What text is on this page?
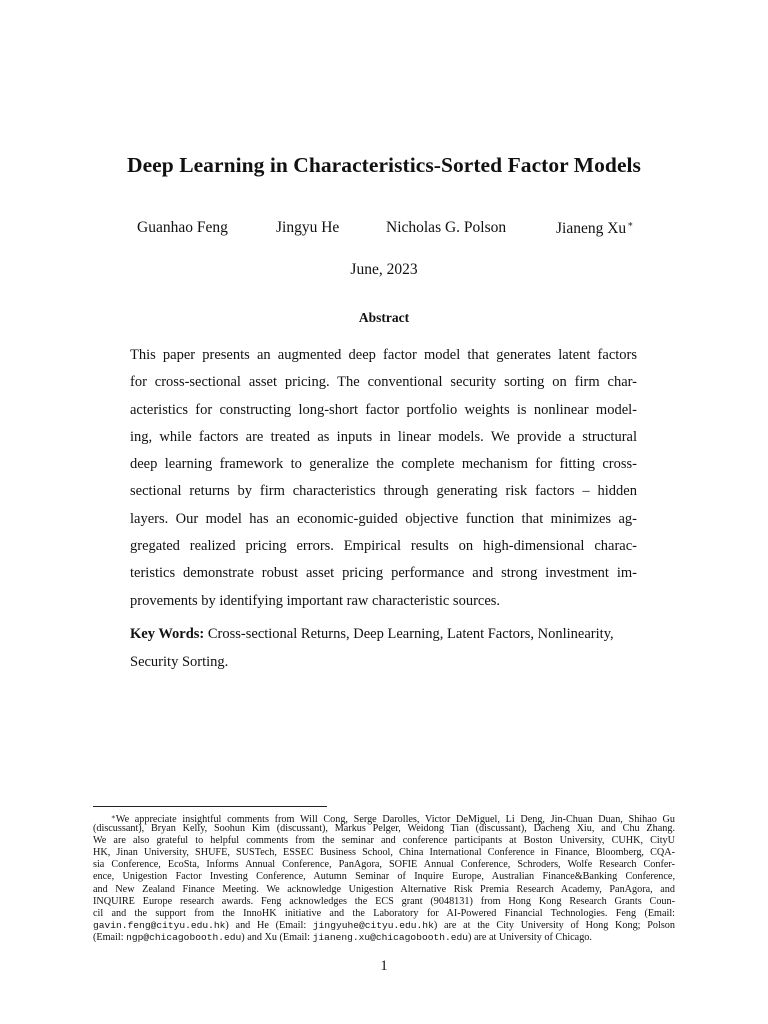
Deep Learning in Characteristics-Sorted Factor Models
Guanhao Feng	Jingyu He	Nicholas G. Polson	Jianeng Xu∗
June, 2023
Abstract
This paper presents an augmented deep factor model that generates latent factors
for cross-sectional asset pricing. The conventional security sorting on firm char-
acteristics for constructing long-short factor portfolio weights is nonlinear model-
ing, while factors are treated as inputs in linear models. We provide a structural
deep learning framework to generalize the complete mechanism for fitting cross-
sectional returns by firm characteristics through generating risk factors – hidden
layers. Our model has an economic-guided objective function that minimizes ag-
gregated realized pricing errors. Empirical results on high-dimensional charac-
teristics demonstrate robust asset pricing performance and strong investment im-
provements by identifying important raw characteristic sources.
Key Words: Cross-sectional Returns, Deep Learning, Latent Factors, Nonlinearity,
Security Sorting.
∗We appreciate insightful comments from Will Cong, Serge Darolles, Victor DeMiguel, Li Deng, Jin-Chuan Duan, Shihao Gu
(discussant), Bryan Kelly, Soohun Kim (discussant), Markus Pelger, Weidong Tian (discussant), Dacheng Xiu, and Chu Zhang.
We are also grateful to helpful comments from the seminar and conference participants at Boston University, CUHK, CityU
HK, Jinan University, SHUFE, SUSTech, ESSEC Business School, China International Conference in Finance, Bloomberg, CQA-
sia Conference, EcoSta, Informs Annual Conference, PanAgora, SOFIE Annual Conference, Schroders, Wolfe Research Confer-
ence, Unigestion Factor Investing Conference, Autumn Seminar of Inquire Europe, Australian Finance&Banking Conference,
and New Zealand Finance Meeting. We acknowledge Unigestion Alternative Risk Premia Research Academy, PanAgora, and
INQUIRE Europe research awards. Feng acknowledges the ECS grant (9048131) from Hong Kong Research Grants Coun-
cil and the support from the InnoHK initiative and the Laboratory for AI-Powered Financial Technologies. Feng (Email:
gavin.feng@cityu.edu.hk) and He (Email: jingyuhe@cityu.edu.hk) are at the City University of Hong Kong; Polson
(Email: ngp@chicagobooth.edu) and Xu (Email: jianeng.xu@chicagobooth.edu) are at University of Chicago.
1
